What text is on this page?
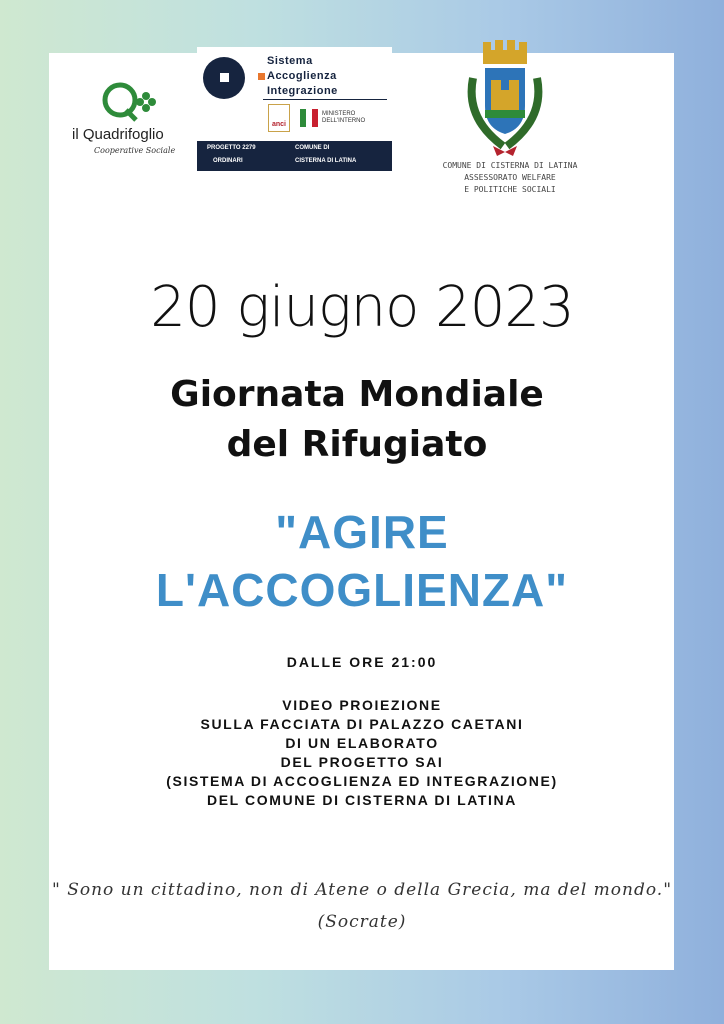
il Quadrifoglio
Cooperative Sociale
Sistema
Accoglienza
Integrazione
anci
MINISTERO DELL'INTERNO
PROGETTO 2279	COMUNE DI
ORDINARI	CISTERNA DI LATINA	COMUNE DI CISTERNA DI LATINA
ASSESSORATO WELFARE
E POLITICHE SOCIALI
20 giugno 2023
Giornata Mondiale
del Rifugiato
"AGIRE
L'ACCOGLIENZA"
DALLE ORE 21:00
VIDEO PROIEZIONE
SULLA FACCIATA DI PALAZZO CAETANI
DI UN ELABORATO
DEL PROGETTO SAI
(SISTEMA DI ACCOGLIENZA ED INTEGRAZIONE)
DEL COMUNE DI CISTERNA DI LATINA
" Sono un cittadino, non di Atene o della Grecia, ma del mondo."
(Socrate)
